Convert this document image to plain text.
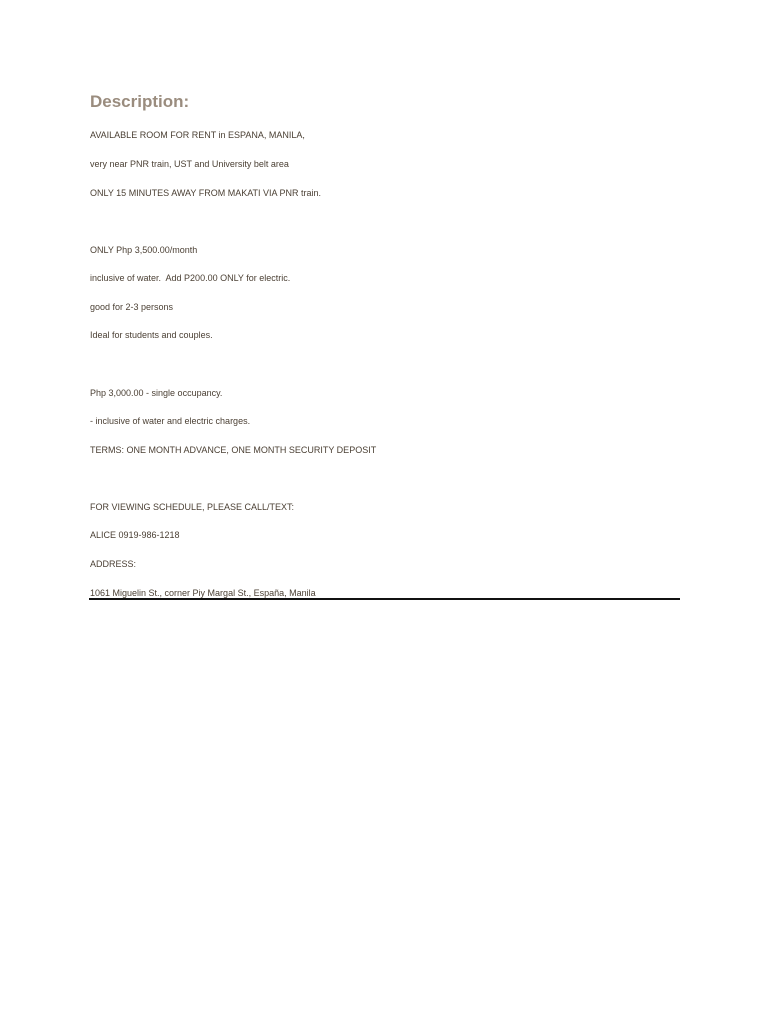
Description:

AVAILABLE ROOM FOR RENT in ESPANA, MANILA,

very near PNR train, UST and University belt area

ONLY 15 MINUTES AWAY FROM MAKATI VIA PNR train.

ONLY Php 3,500.00/month

inclusive of water.  Add P200.00 ONLY for electric.

good for 2-3 persons

Ideal for students and couples.

Php 3,000.00 - single occupancy.

- inclusive of water and electric charges.

TERMS: ONE MONTH ADVANCE, ONE MONTH SECURITY DEPOSIT

FOR VIEWING SCHEDULE, PLEASE CALL/TEXT:

ALICE 0919-986-1218

ADDRESS:

1061 Miguelin St., corner Piy Margal St., España, Manila
